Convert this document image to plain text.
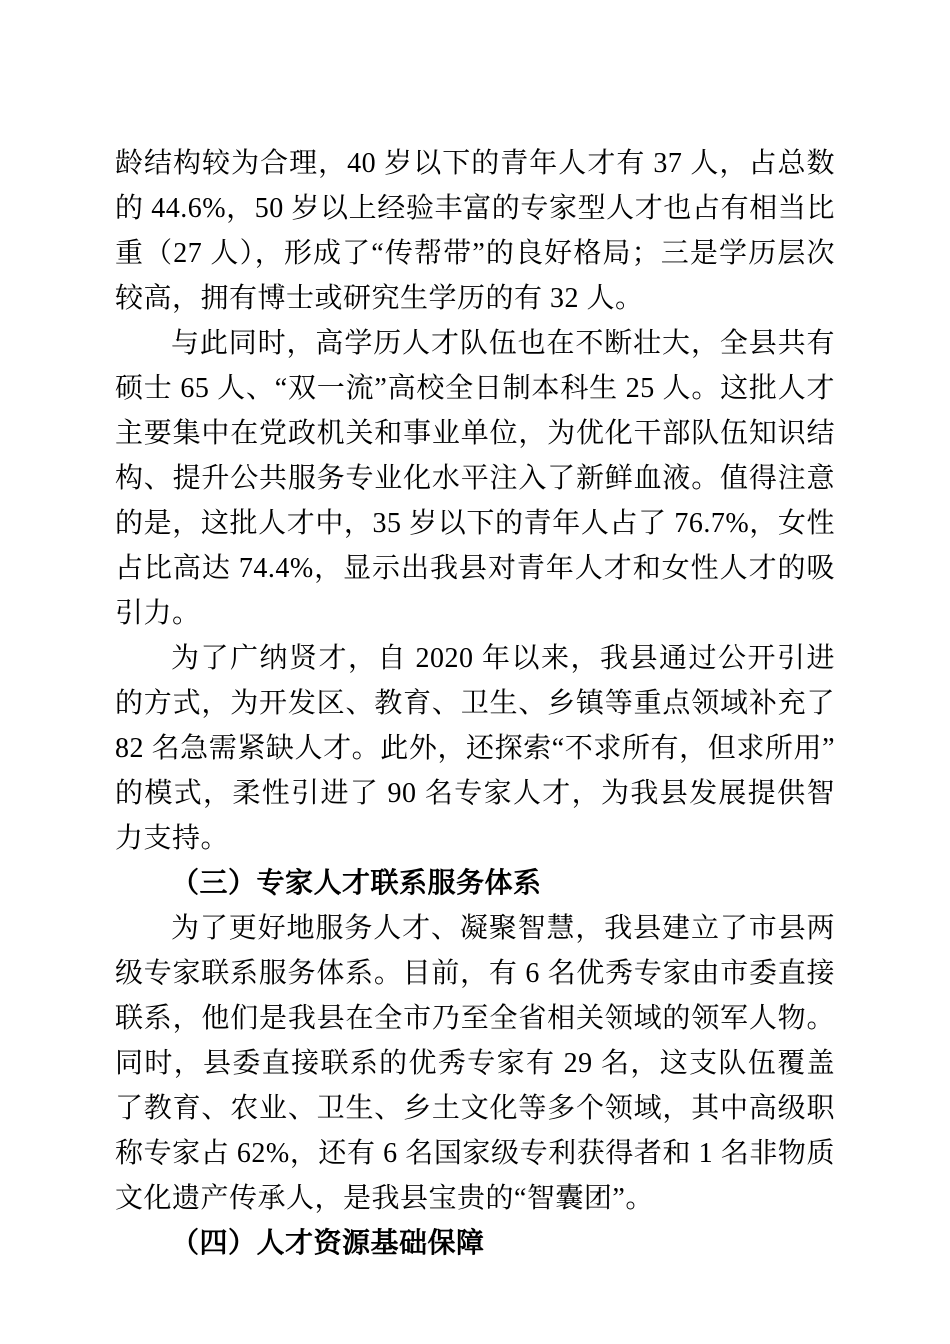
龄结构较为合理，40 岁以下的青年人才有 37 人，占总数的 44.6%，50 岁以上经验丰富的专家型人才也占有相当比重（27 人），形成了“传帮带”的良好格局；三是学历层次较高，拥有博士或研究生学历的有 32 人。

与此同时，高学历人才队伍也在不断壮大，全县共有硕士 65 人、“双一流”高校全日制本科生 25 人。这批人才主要集中在党政机关和事业单位，为优化干部队伍知识结构、提升公共服务专业化水平注入了新鲜血液。值得注意的是，这批人才中，35 岁以下的青年人占了 76.7%，女性占比高达 74.4%，显示出我县对青年人才和女性人才的吸引力。

为了广纳贤才，自 2020 年以来，我县通过公开引进的方式，为开发区、教育、卫生、乡镇等重点领域补充了 82 名急需紧缺人才。此外，还探索“不求所有，但求所用”的模式，柔性引进了 90 名专家人才，为我县发展提供智力支持。

（三）专家人才联系服务体系

为了更好地服务人才、凝聚智慧，我县建立了市县两级专家联系服务体系。目前，有 6 名优秀专家由市委直接联系，他们是我县在全市乃至全省相关领域的领军人物。同时，县委直接联系的优秀专家有 29 名，这支队伍覆盖了教育、农业、卫生、乡土文化等多个领域，其中高级职称专家占 62%，还有 6 名国家级专利获得者和 1 名非物质文化遗产传承人，是我县宝贵的“智囊团”。

（四）人才资源基础保障
